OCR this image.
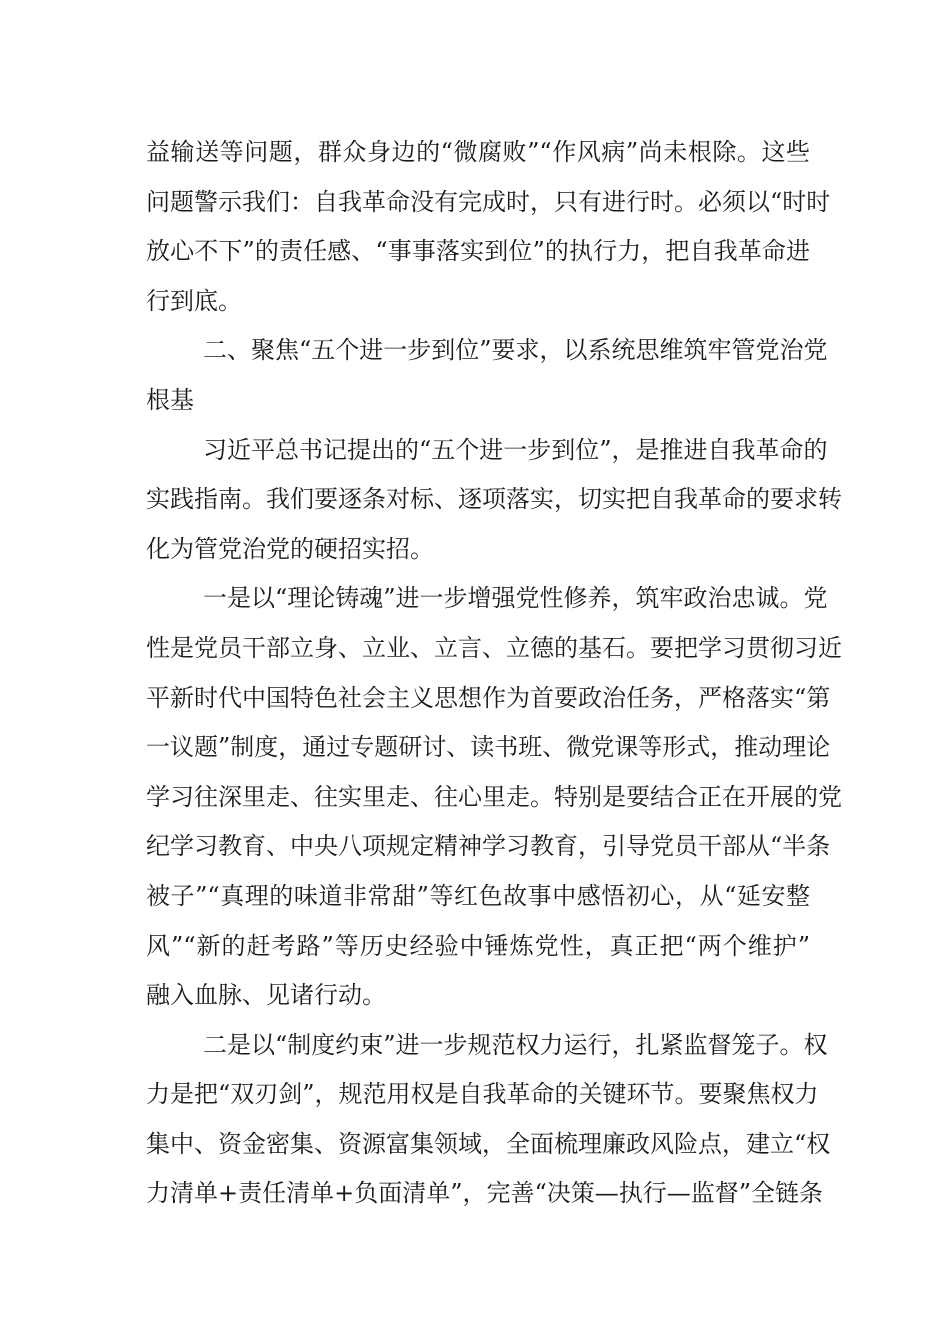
益输送等问题，群众身边的“微腐败”“作风病”尚未根除。这些
问题警示我们：自我革命没有完成时，只有进行时。必须以“时时
放心不下”的责任感、“事事落实到位”的执行力，把自我革命进
行到底。
二、聚焦“五个进一步到位”要求，以系统思维筑牢管党治党
根基
习近平总书记提出的“五个进一步到位”，是推进自我革命的
实践指南。我们要逐条对标、逐项落实，切实把自我革命的要求转
化为管党治党的硬招实招。
一是以“理论铸魂”进一步增强党性修养，筑牢政治忠诚。党
性是党员干部立身、立业、立言、立德的基石。要把学习贯彻习近
平新时代中国特色社会主义思想作为首要政治任务，严格落实“第
一议题”制度，通过专题研讨、读书班、微党课等形式，推动理论
学习往深里走、往实里走、往心里走。特别是要结合正在开展的党
纪学习教育、中央八项规定精神学习教育，引导党员干部从“半条
被子”“真理的味道非常甜”等红色故事中感悟初心，从“延安整
风”“新的赶考路”等历史经验中锤炼党性，真正把“两个维护”
融入血脉、见诸行动。
二是以“制度约束”进一步规范权力运行，扎紧监督笼子。权
力是把“双刃剑”，规范用权是自我革命的关键环节。要聚焦权力
集中、资金密集、资源富集领域，全面梳理廉政风险点，建立“权
力清单+责任清单+负面清单”，完善“决策—执行—监督”全链条
